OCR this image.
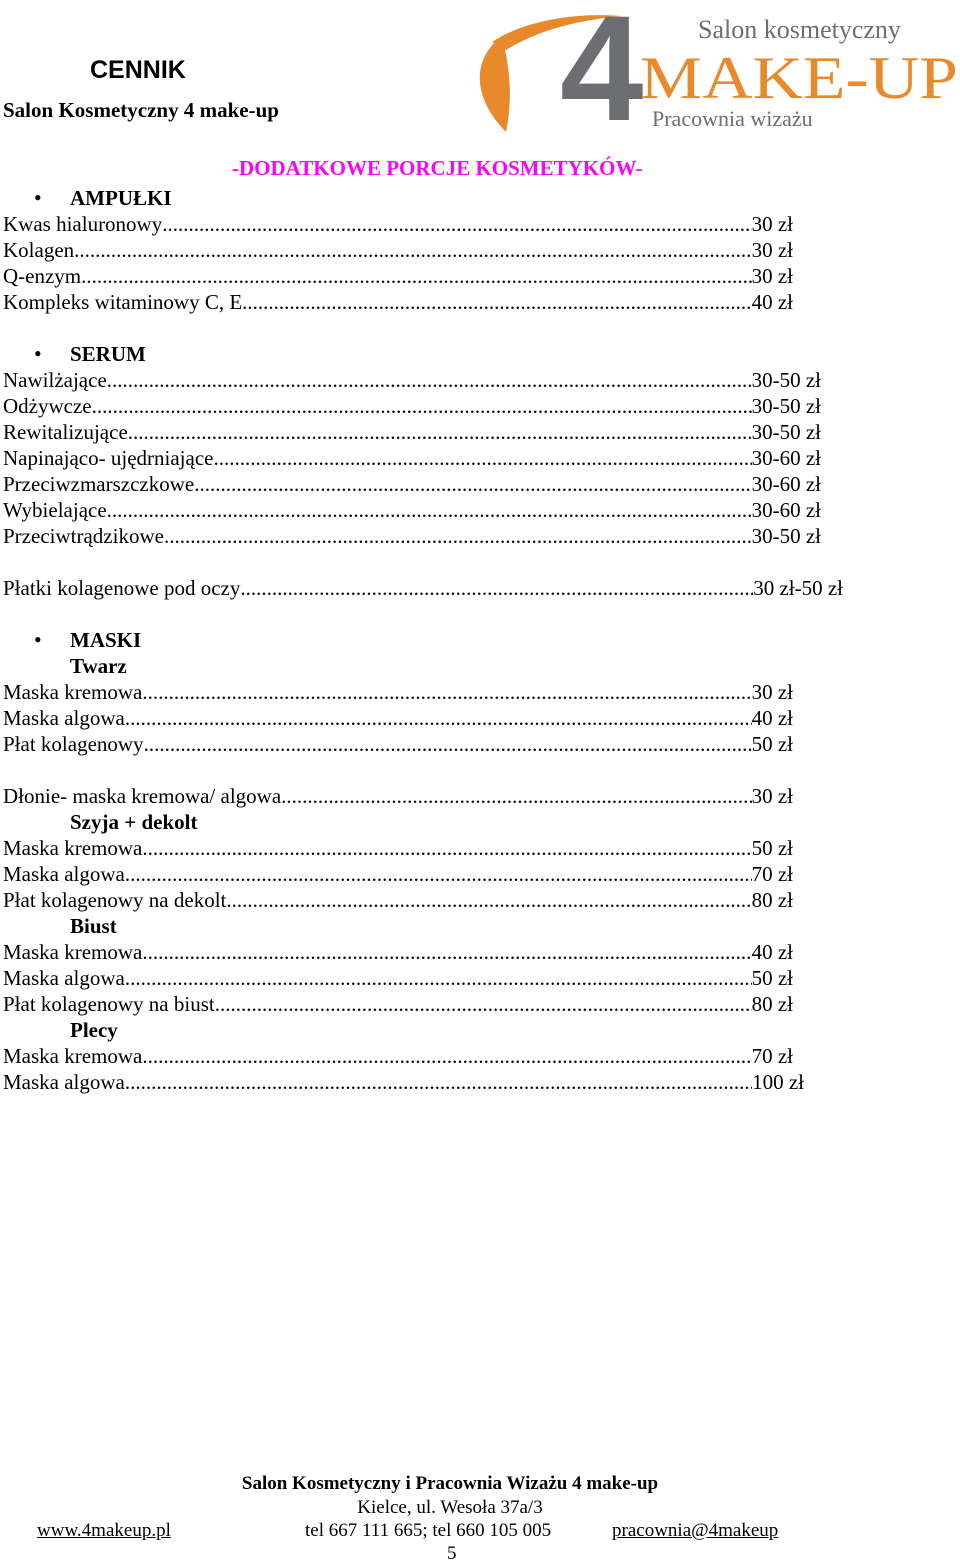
CENNIK
Salon Kosmetyczny 4 make-up 4 Salon kosmetyczny
MAKE-UP
Pracownia wizażu
-DODATKOWE PORCJE KOSMETYKÓW-
• AMPUŁKI
Kwas hialuronowy .....	30 zł
Kolagen .....	30 zł
Q-enzym .....	30 zł
Kompleks witaminowy C, E .....	40 zł
• SERUM
Nawilżające .....	30-50 zł
Odżywcze .....	30-50 zł
Rewitalizujące .....	30-50 zł
Napinająco- ujędrniające .....	30-60 zł
Przeciwzmarszczkowe .....	30-60 zł
Wybielające .....	30-60 zł
Przeciwtrądzikowe .....	30-50 zł
Płatki kolagenowe pod oczy .....	30 zł-50 zł
• MASKI
Twarz
Maska kremowa .....	30 zł
Maska algowa .....	40 zł
Płat kolagenowy .....	50 zł
Dłonie- maska kremowa/ algowa .....	30 zł
Szyja + dekolt
Maska kremowa .....	50 zł
Maska algowa .....	70 zł
Płat kolagenowy na dekolt .....	80 zł
Biust
Maska kremowa .....	40 zł
Maska algowa .....	50 zł
Płat kolagenowy na biust .....	80 zł
Plecy
Maska kremowa .....	70 zł
Maska algowa .....	100 zł
Salon Kosmetyczny i Pracownia Wizażu 4 make-up
Kielce, ul. Wesoła 37a/3
www.4makeup.pl	tel 667 111 665; tel 660 105 005	pracownia@4makeup
5
